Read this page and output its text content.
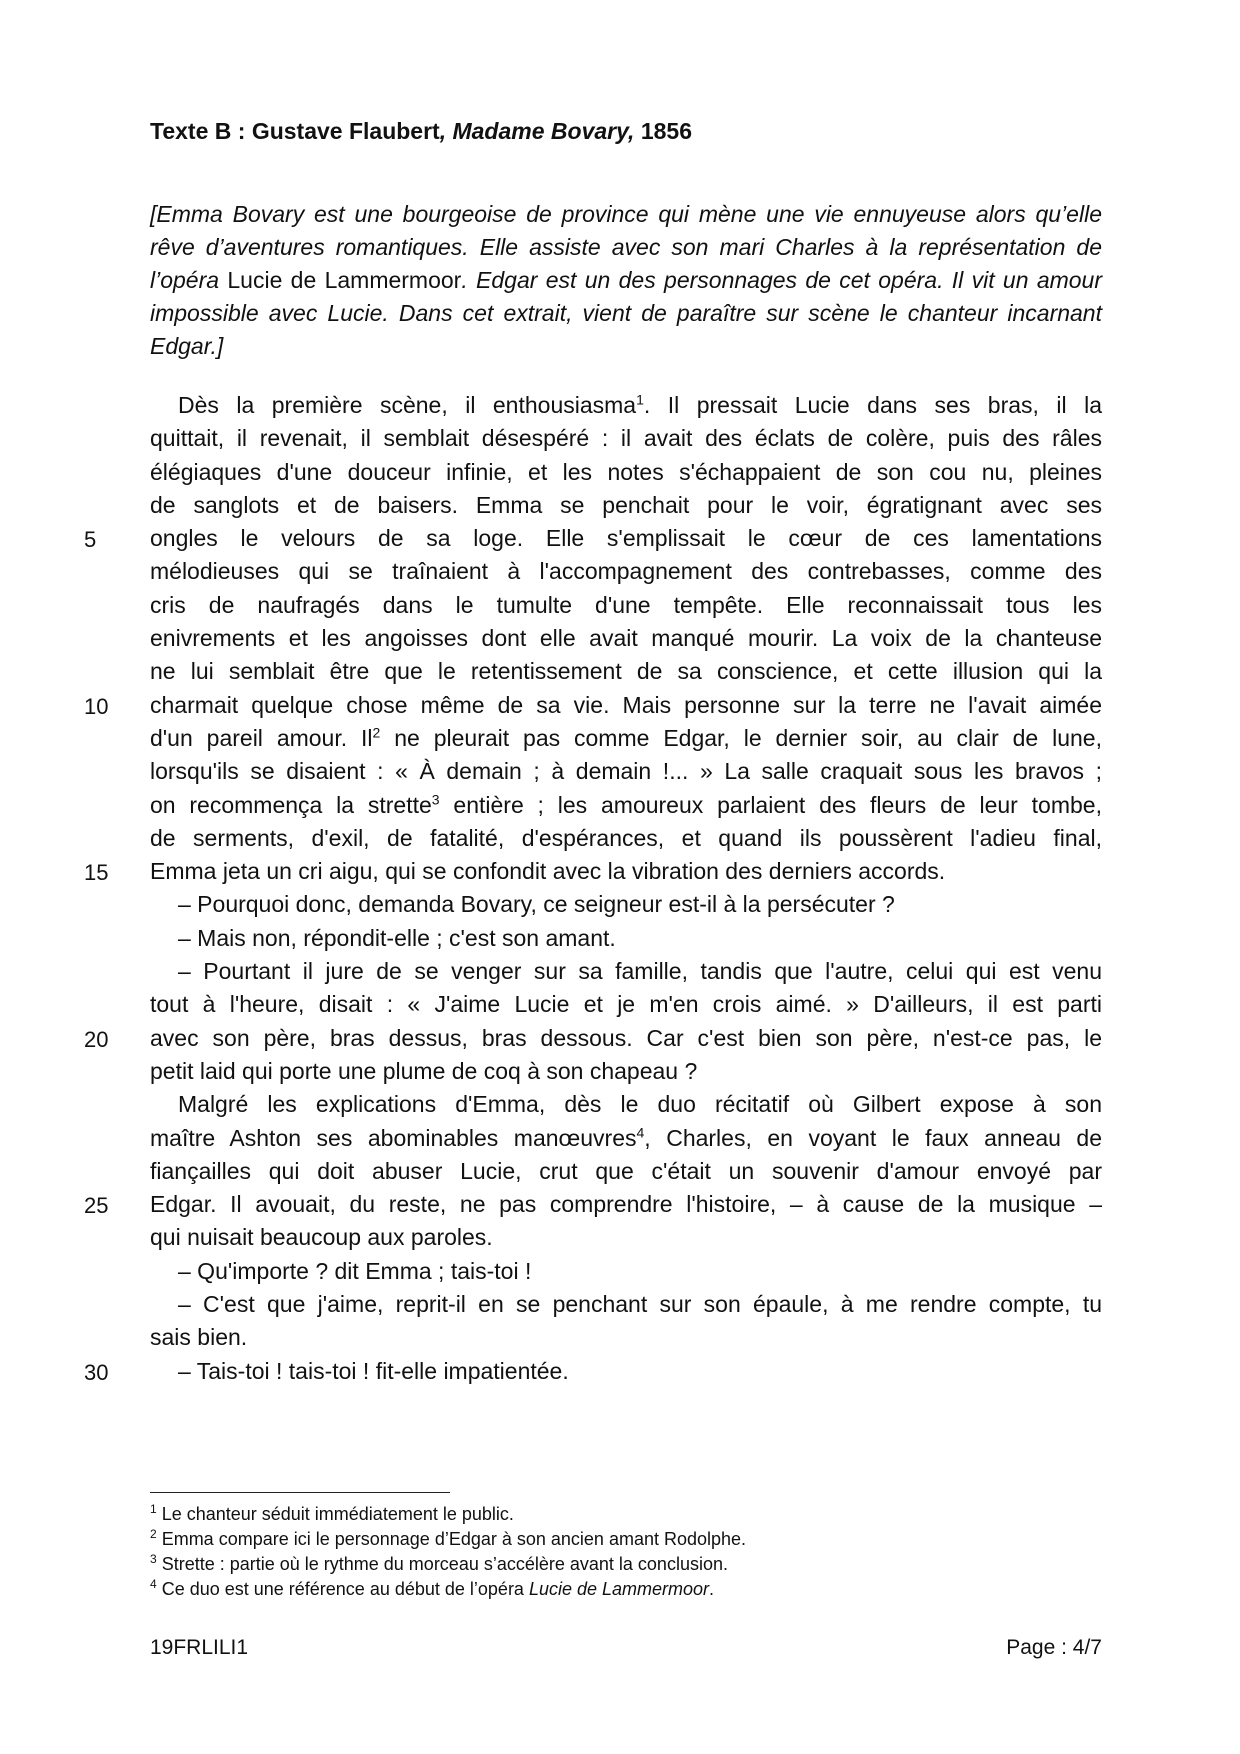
Texte B : Gustave Flaubert, Madame Bovary, 1856
[Emma Bovary est une bourgeoise de province qui mène une vie ennuyeuse alors qu’elle rêve d’aventures romantiques. Elle assiste avec son mari Charles à la représentation de l’opéra Lucie de Lammermoor. Edgar est un des personnages de cet opéra. Il vit un amour impossible avec Lucie. Dans cet extrait, vient de paraître sur scène le chanteur incarnant Edgar.]
Dès la première scène, il enthousiasma$^1$. Il pressait Lucie dans ses bras, il la
quittait, il revenait, il semblait désespéré : il avait des éclats de colère, puis des râles
élégiaques d'une douceur infinie, et les notes s'échappaient de son cou nu, pleines
de sanglots et de baisers. Emma se penchait pour le voir, égratignant avec ses
ongles le velours de sa loge. Elle s'emplissait le cœur de ces lamentations
mélodieuses qui se traînaient à l'accompagnement des contrebasses, comme des
cris de naufragés dans le tumulte d'une tempête. Elle reconnaissait tous les
enivrements et les angoisses dont elle avait manqué mourir. La voix de la chanteuse
ne lui semblait être que le retentissement de sa conscience, et cette illusion qui la
charmait quelque chose même de sa vie. Mais personne sur la terre ne l'avait aimée
d'un pareil amour. Il$^2$ ne pleurait pas comme Edgar, le dernier soir, au clair de lune,
lorsqu'ils se disaient : « À demain ; à demain !... » La salle craquait sous les bravos ;
on recommença la strette$^3$ entière ; les amoureux parlaient des fleurs de leur tombe,
de serments, d'exil, de fatalité, d'espérances, et quand ils poussèrent l'adieu final,
Emma jeta un cri aigu, qui se confondit avec la vibration des derniers accords.
– Pourquoi donc, demanda Bovary, ce seigneur est-il à la persécuter ?
– Mais non, répondit-elle ; c'est son amant.
– Pourtant il jure de se venger sur sa famille, tandis que l'autre, celui qui est venu
tout à l'heure, disait : « J'aime Lucie et je m'en crois aimé. » D'ailleurs, il est parti
avec son père, bras dessus, bras dessous. Car c'est bien son père, n'est-ce pas, le
petit laid qui porte une plume de coq à son chapeau ?
Malgré les explications d'Emma, dès le duo récitatif où Gilbert expose à son
maître Ashton ses abominables manœuvres$^4$, Charles, en voyant le faux anneau de
fiançailles qui doit abuser Lucie, crut que c'était un souvenir d'amour envoyé par
Edgar. Il avouait, du reste, ne pas comprendre l'histoire, – à cause de la musique –
qui nuisait beaucoup aux paroles.
– Qu'importe ? dit Emma ; tais-toi !
– C'est que j'aime, reprit-il en se penchant sur son épaule, à me rendre compte, tu
sais bien.
– Tais-toi ! tais-toi ! fit-elle impatientée.
5
10
15
20
25
30
$^1$ Le chanteur séduit immédiatement le public.
$^2$ Emma compare ici le personnage d’Edgar à son ancien amant Rodolphe.
$^3$ Strette : partie où le rythme du morceau s’accélère avant la conclusion.
$^4$ Ce duo est une référence au début de l’opéra Lucie de Lammermoor.
19FRLILI1	Page : 4/7
